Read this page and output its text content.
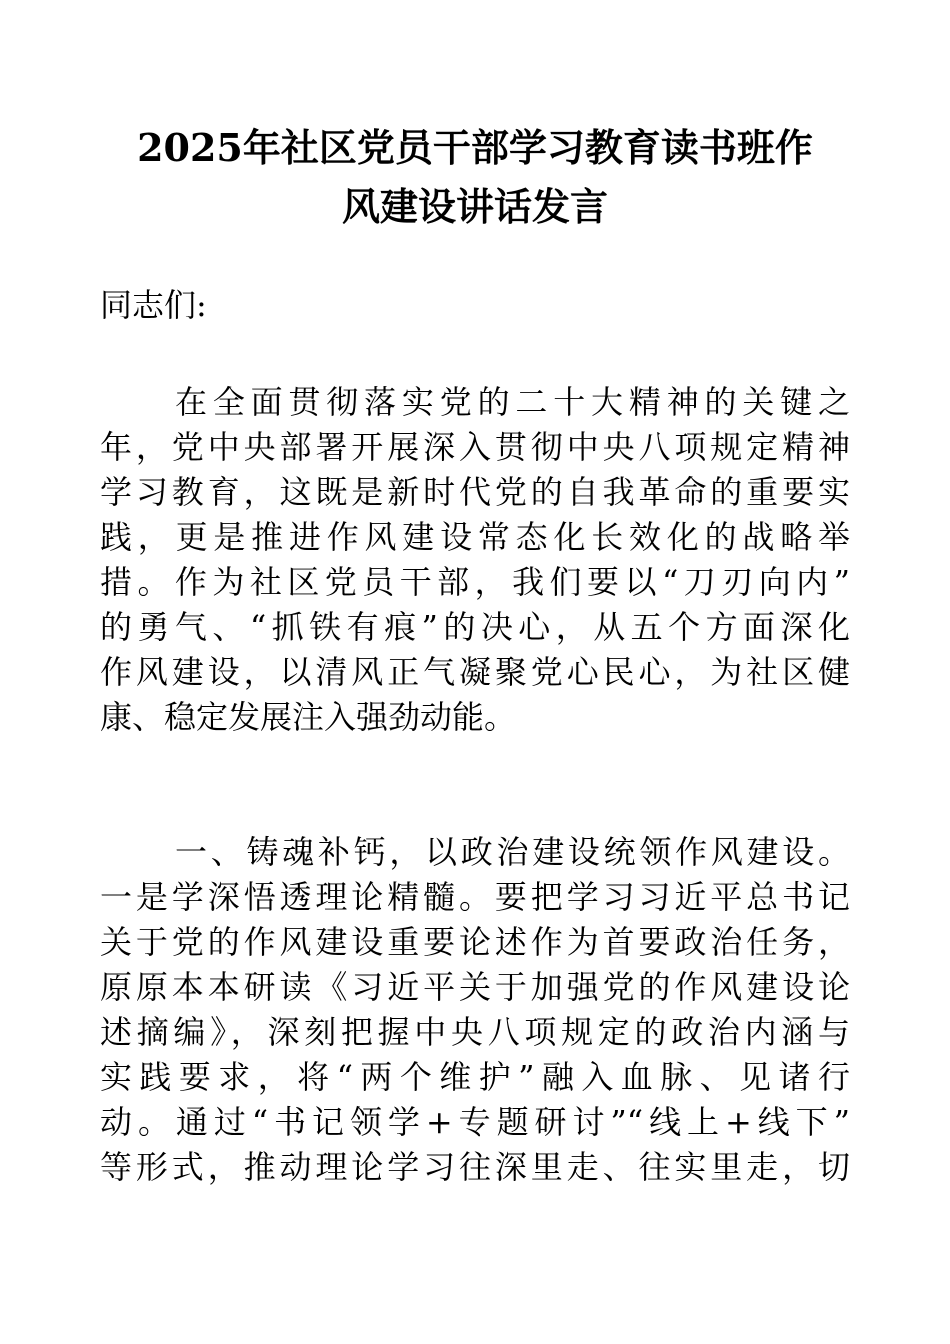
2025年社区党员干部学习教育读书班作
风建设讲话发言

同志们:

在全面贯彻落实党的二十大精神的关键之
年，党中央部署开展深入贯彻中央八项规定精神
学习教育，这既是新时代党的自我革命的重要实
践，更是推进作风建设常态化长效化的战略举
措。作为社区党员干部，我们要以“刀刃向内”
的勇气、“抓铁有痕”的决心，从五个方面深化
作风建设，以清风正气凝聚党心民心，为社区健
康、稳定发展注入强劲动能。
一、铸魂补钙，以政治建设统领作风建设。
一是学深悟透理论精髓。要把学习习近平总书记
关于党的作风建设重要论述作为首要政治任务，
原原本本研读《习近平关于加强党的作风建设论
述摘编》，深刻把握中央八项规定的政治内涵与
实践要求，将“两个维护”融入血脉、见诸行
动。通过“书记领学+专题研讨”“线上+线下”
等形式，推动理论学习往深里走、往实里走，切
